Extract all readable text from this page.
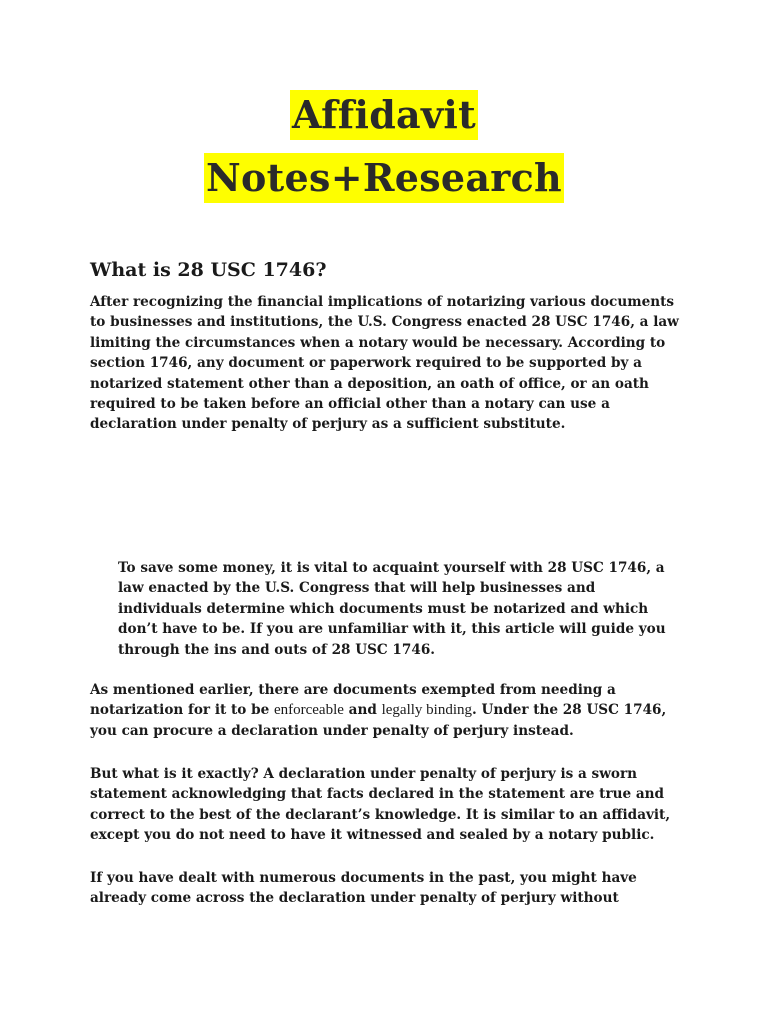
Affidavit
Notes+Research
What is 28 USC 1746?

After recognizing the financial implications of notarizing various documents to businesses and institutions, the U.S. Congress enacted 28 USC 1746, a law limiting the circumstances when a notary would be necessary. According to section 1746, any document or paperwork required to be supported by a notarized statement other than a deposition, an oath of office, or an oath required to be taken before an official other than a notary can use a declaration under penalty of perjury as a sufficient substitute.

To save some money, it is vital to acquaint yourself with 28 USC 1746, a law enacted by the U.S. Congress that will help businesses and individuals determine which documents must be notarized and which don’t have to be. If you are unfamiliar with it, this article will guide you through the ins and outs of 28 USC 1746.

As mentioned earlier, there are documents exempted from needing a notarization for it to be enforceable and legally binding. Under the 28 USC 1746, you can procure a declaration under penalty of perjury instead.

But what is it exactly? A declaration under penalty of perjury is a sworn statement acknowledging that facts declared in the statement are true and correct to the best of the declarant’s knowledge. It is similar to an affidavit, except you do not need to have it witnessed and sealed by a notary public.

If you have dealt with numerous documents in the past, you might have already come across the declaration under penalty of perjury without
